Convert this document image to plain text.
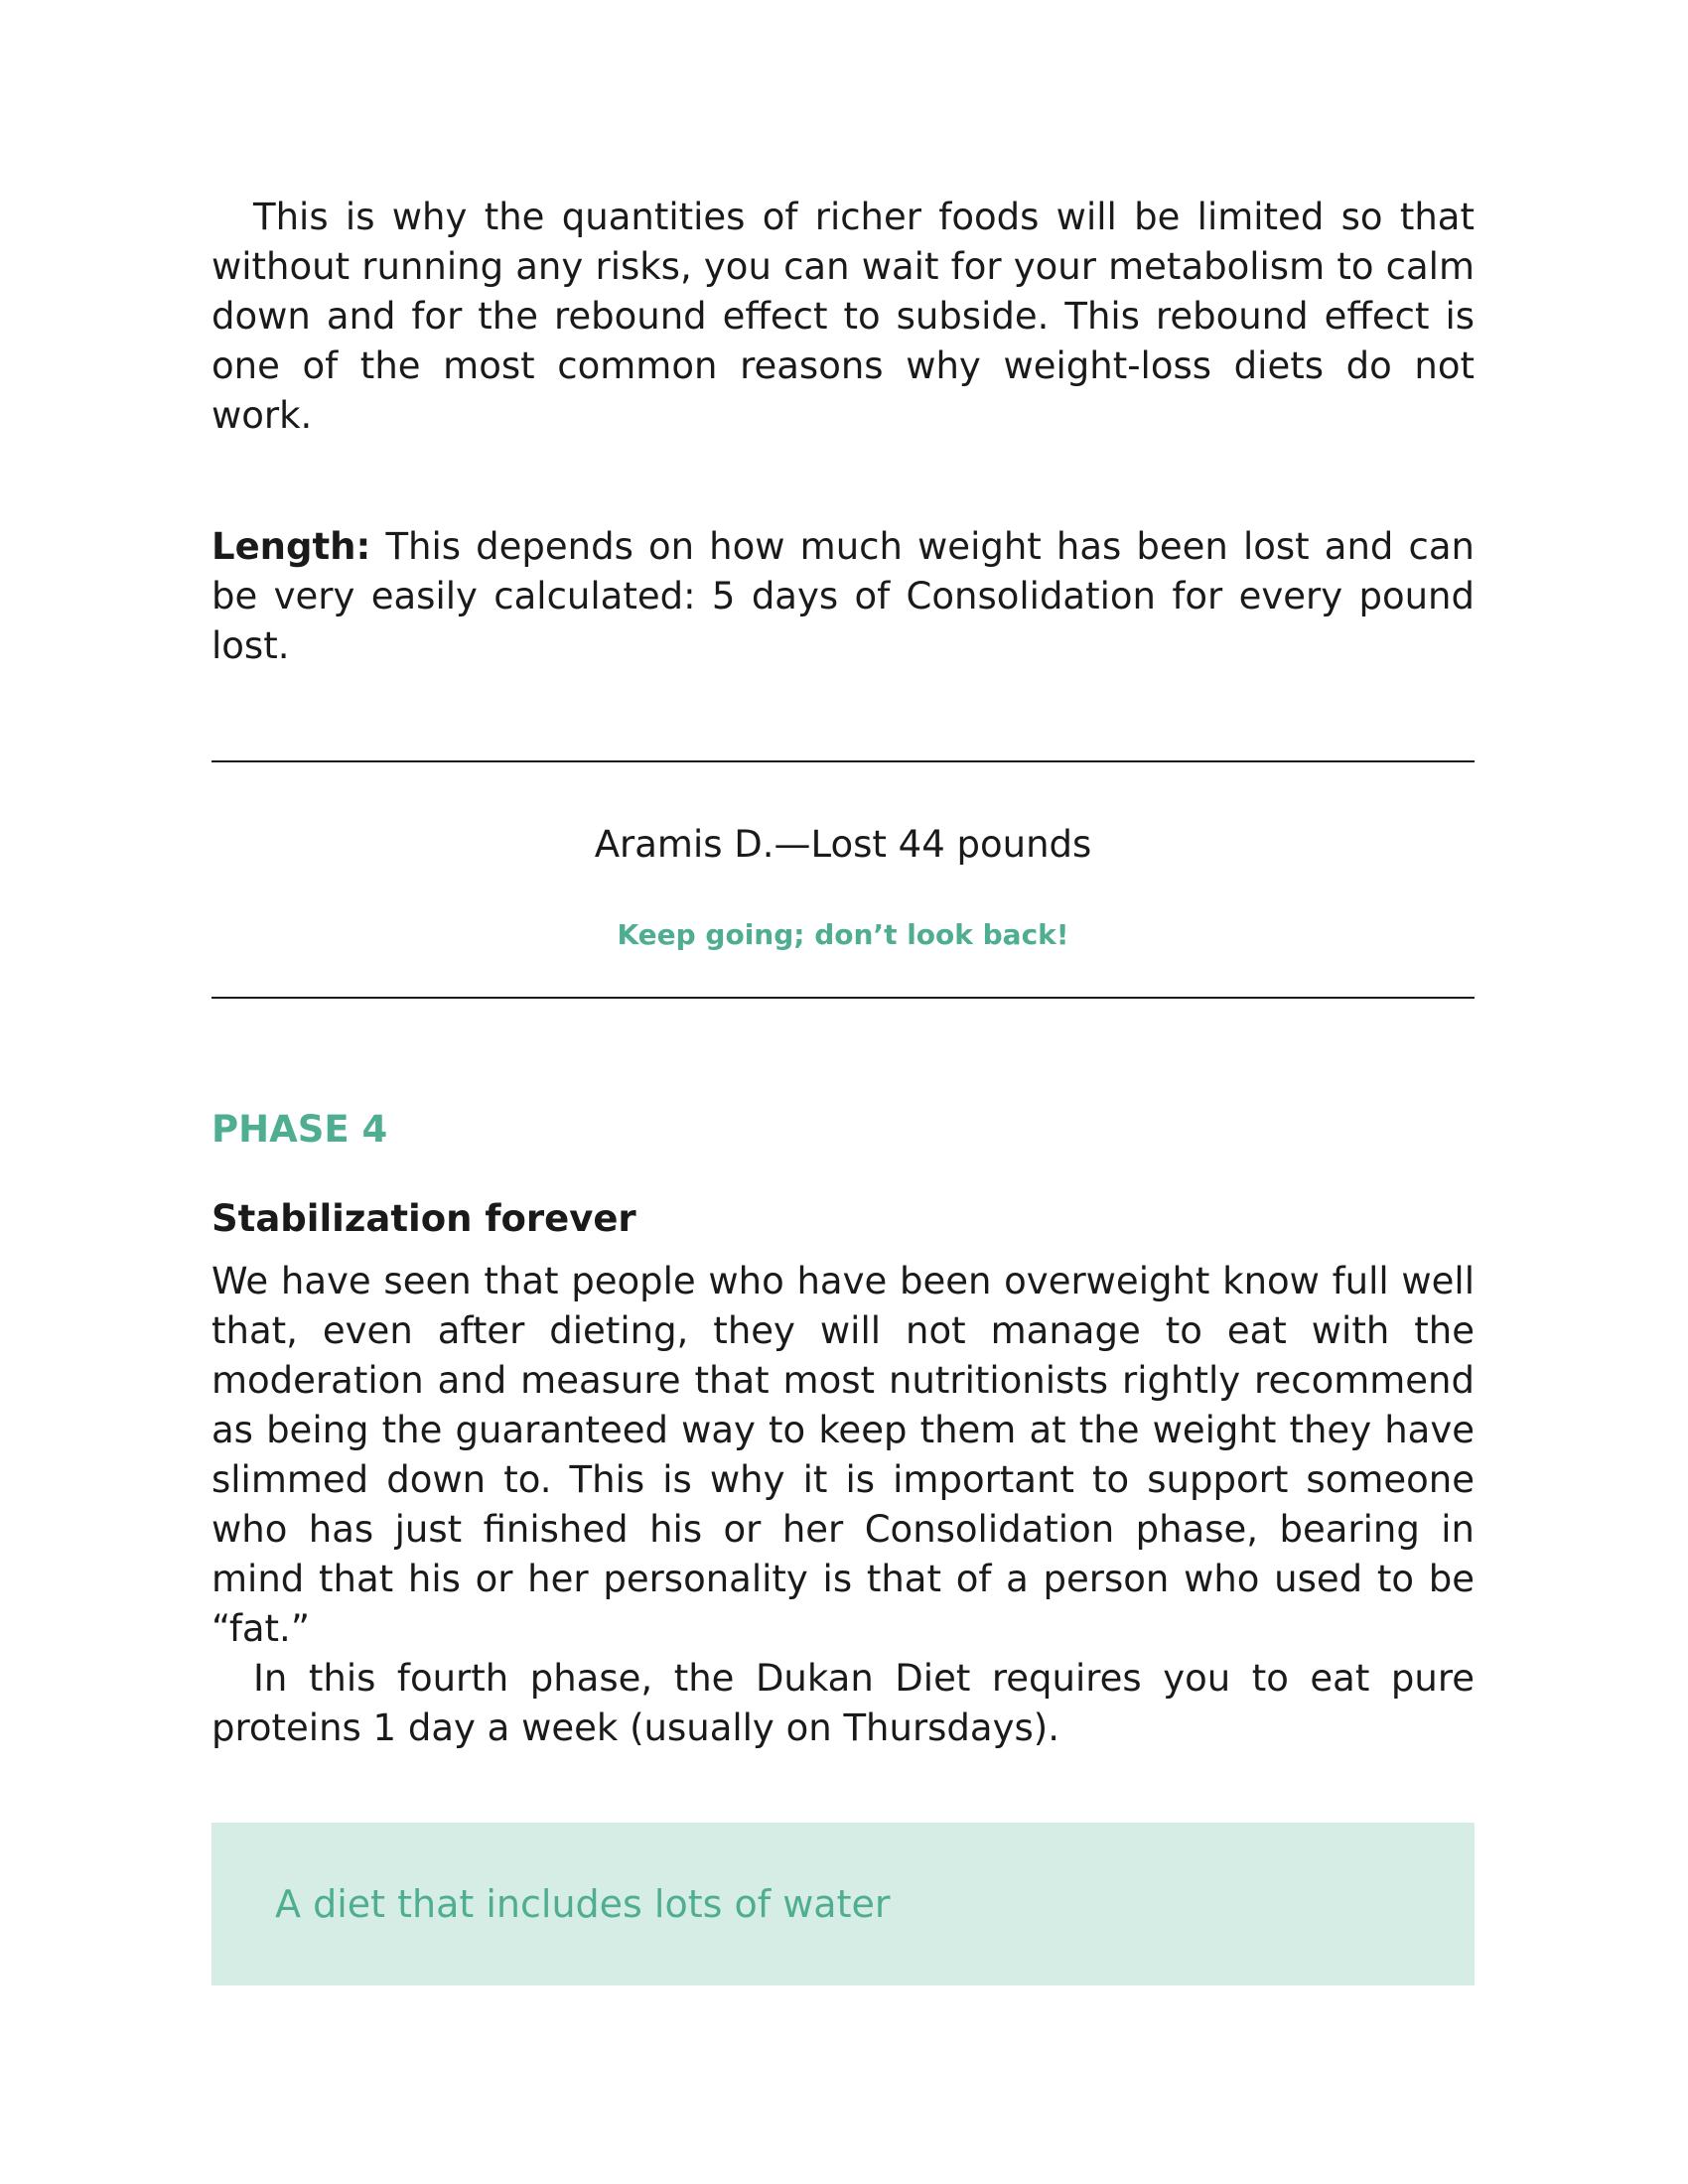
This is why the quantities of richer foods will be limited so that without running any risks, you can wait for your metabolism to calm down and for the rebound effect to subside. This rebound effect is one of the most common reasons why weight-loss diets do not work.

Length: This depends on how much weight has been lost and can be very easily calculated: 5 days of Consolidation for every pound lost.

Aramis D.—Lost 44 pounds

Keep going; don’t look back!

PHASE 4
Stabilization forever

We have seen that people who have been overweight know full well that, even after dieting, they will not manage to eat with the moderation and measure that most nutritionists rightly recommend as being the guaranteed way to keep them at the weight they have slimmed down to. This is why it is important to support someone who has just finished his or her Consolidation phase, bearing in mind that his or her personality is that of a person who used to be “fat.”

In this fourth phase, the Dukan Diet requires you to eat pure proteins 1 day a week (usually on Thursdays).

A diet that includes lots of water
